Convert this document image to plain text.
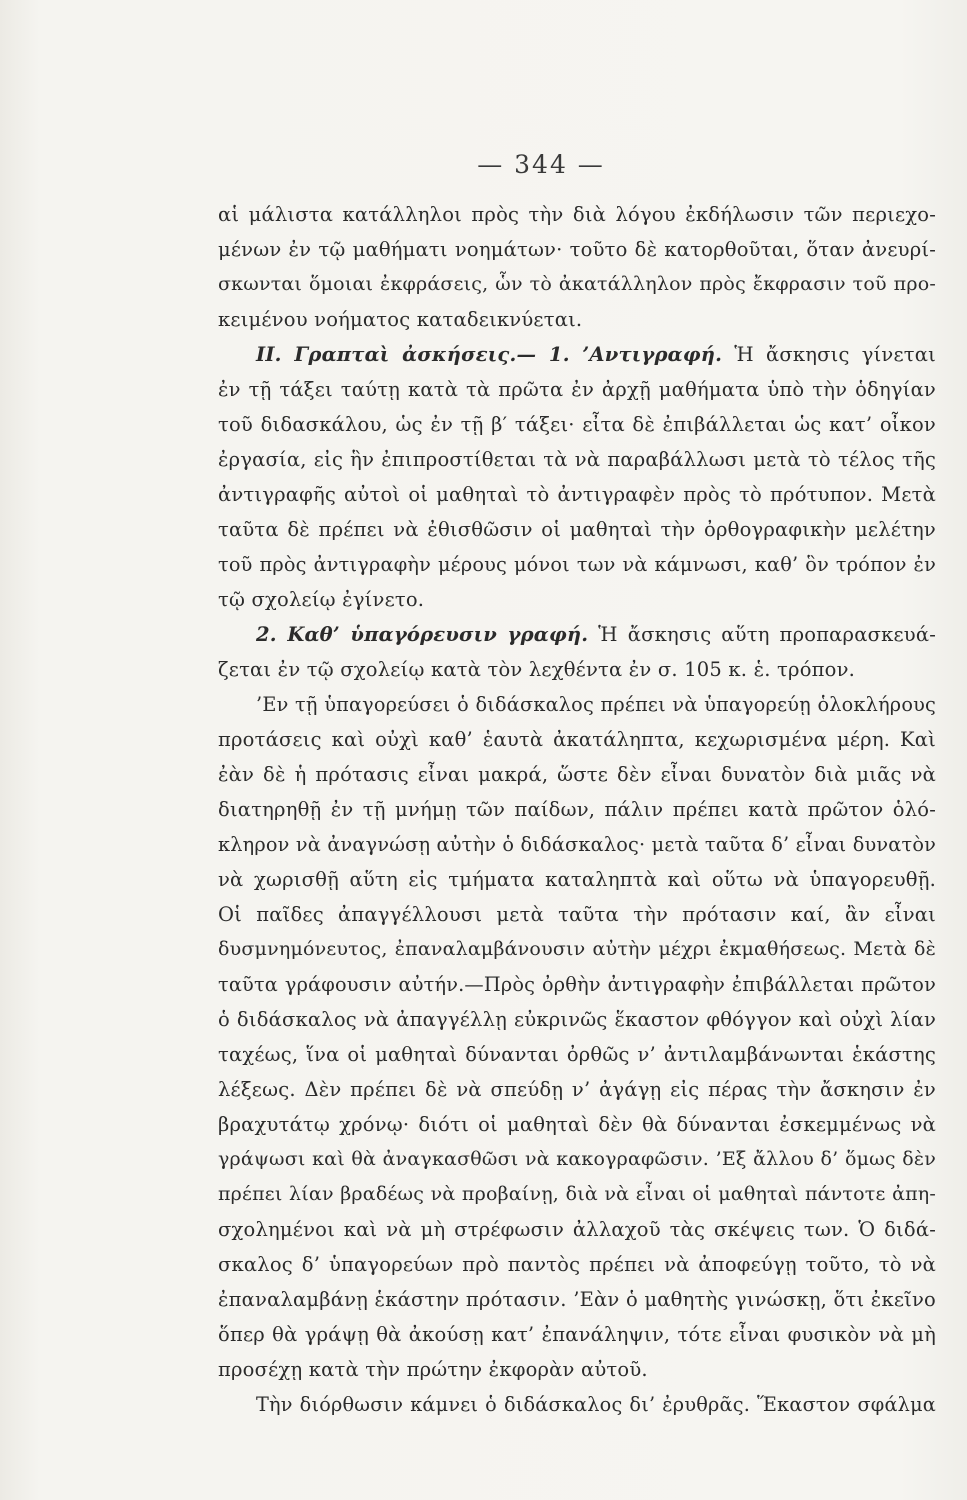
— 344 —
αἱ μάλιστα κατάλληλοι πρὸς τὴν διὰ λόγου ἐκδήλωσιν τῶν περιεχο-
μένων ἐν τῷ μαθήματι νοημάτων· τοῦτο δὲ κατορθοῦται, ὅταν ἀνευρί-
σκωνται ὅμοιαι ἐκφράσεις, ὧν τὸ ἀκατάλληλον πρὸς ἔκφρασιν τοῦ προ-
κειμένου νοήματος καταδεικνύεται.
ΙΙ. Γραπταὶ ἀσκήσεις.— 1. ’Αντιγραφή. Ἡ ἄσκησις γίνεται
ἐν τῇ τάξει ταύτῃ κατὰ τὰ πρῶτα ἐν ἀρχῇ μαθήματα ὑπὸ τὴν ὁδηγίαν
τοῦ διδασκάλου, ὡς ἐν τῇ β′ τάξει· εἶτα δὲ ἐπιβάλλεται ὡς κατ’ οἶκον
ἐργασία, εἰς ἣν ἐπιπροστίθεται τὰ νὰ παραβάλλωσι μετὰ τὸ τέλος τῆς
ἀντιγραφῆς αὐτοὶ οἱ μαθηταὶ τὸ ἀντιγραφὲν πρὸς τὸ πρότυπον. Μετὰ
ταῦτα δὲ πρέπει νὰ ἐθισθῶσιν οἱ μαθηταὶ τὴν ὀρθογραφικὴν μελέτην
τοῦ πρὸς ἀντιγραφὴν μέρους μόνοι των νὰ κάμνωσι, καθ’ ὃν τρόπον ἐν
τῷ σχολείῳ ἐγίνετο.
2. Καθ’ ὑπαγόρευσιν γραφή. Ἡ ἄσκησις αὕτη προπαρασκευά-
ζεται ἐν τῷ σχολείῳ κατὰ τὸν λεχθέντα ἐν σ. 105 κ. ἑ. τρόπον.
’Εν τῇ ὑπαγορεύσει ὁ διδάσκαλος πρέπει νὰ ὑπαγορεύῃ ὁλοκλήρους
προτάσεις καὶ οὐχὶ καθ’ ἑαυτὰ ἀκατάληπτα, κεχωρισμένα μέρη. Καὶ
ἐὰν δὲ ἡ πρότασις εἶναι μακρά, ὥστε δὲν εἶναι δυνατὸν διὰ μιᾶς νὰ
διατηρηθῇ ἐν τῇ μνήμῃ τῶν παίδων, πάλιν πρέπει κατὰ πρῶτον ὁλό-
κληρον νὰ ἀναγνώσῃ αὐτὴν ὁ διδάσκαλος· μετὰ ταῦτα δ’ εἶναι δυνατὸν
νὰ χωρισθῇ αὕτη εἰς τμήματα καταληπτὰ καὶ οὕτω νὰ ὑπαγορευθῇ.
Οἱ παῖδες ἀπαγγέλλουσι μετὰ ταῦτα τὴν πρότασιν καί, ἂν εἶναι
δυσμνημόνευτος, ἐπαναλαμβάνουσιν αὐτὴν μέχρι ἐκμαθήσεως. Μετὰ δὲ
ταῦτα γράφουσιν αὐτήν.—Πρὸς ὀρθὴν ἀντιγραφὴν ἐπιβάλλεται πρῶτον
ὁ διδάσκαλος νὰ ἀπαγγέλλῃ εὐκρινῶς ἕκαστον φθόγγον καὶ οὐχὶ λίαν
ταχέως, ἵνα οἱ μαθηταὶ δύνανται ὀρθῶς ν’ ἀντιλαμβάνωνται ἑκάστης
λέξεως. Δὲν πρέπει δὲ νὰ σπεύδῃ ν’ ἀγάγῃ εἰς πέρας τὴν ἄσκησιν ἐν
βραχυτάτῳ χρόνῳ· διότι οἱ μαθηταὶ δὲν θὰ δύνανται ἐσκεμμένως νὰ
γράψωσι καὶ θὰ ἀναγκασθῶσι νὰ κακογραφῶσιν. ’Εξ ἄλλου δ’ ὅμως δὲν
πρέπει λίαν βραδέως νὰ προβαίνῃ, διὰ νὰ εἶναι οἱ μαθηταὶ πάντοτε ἀπη-
σχολημένοι καὶ νὰ μὴ στρέφωσιν ἀλλαχοῦ τὰς σκέψεις των. Ὁ διδά-
σκαλος δ’ ὑπαγορεύων πρὸ παντὸς πρέπει νὰ ἀποφεύγῃ τοῦτο, τὸ νὰ
ἐπαναλαμβάνῃ ἑκάστην πρότασιν. ’Εὰν ὁ μαθητὴς γινώσκῃ, ὅτι ἐκεῖνο
ὅπερ θὰ γράψῃ θὰ ἀκούσῃ κατ’ ἐπανάληψιν, τότε εἶναι φυσικὸν νὰ μὴ
προσέχῃ κατὰ τὴν πρώτην ἐκφορὰν αὐτοῦ.
Τὴν διόρθωσιν κάμνει ὁ διδάσκαλος δι’ ἐρυθρᾶς. Ἕκαστον σφάλμα
